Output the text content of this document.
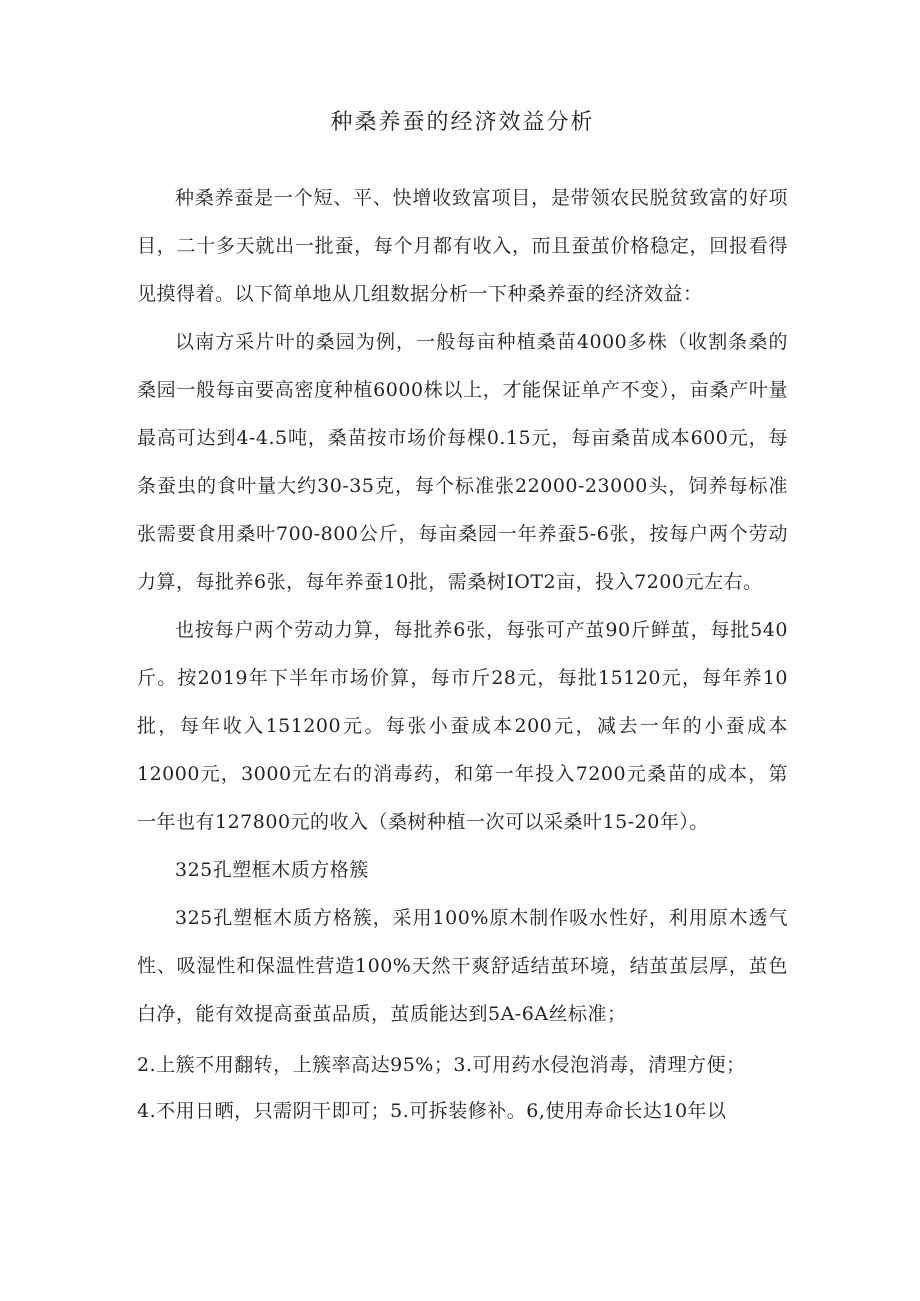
种桑养蚕的经济效益分析

种桑养蚕是一个短、平、快增收致富项目，是带领农民脱贫致富的好项目，二十多天就出一批蚕，每个月都有收入，而且蚕茧价格稳定，回报看得见摸得着。以下简单地从几组数据分析一下种桑养蚕的经济效益：

以南方采片叶的桑园为例，一般每亩种植桑苗4000多株（收割条桑的桑园一般每亩要高密度种植6000株以上，才能保证单产不变），亩桑产叶量最高可达到4-4.5吨，桑苗按市场价每棵0.15元，每亩桑苗成本600元，每条蚕虫的食叶量大约30-35克，每个标准张22000-23000头，饲养每标准张需要食用桑叶700-800公斤，每亩桑园一年养蚕5-6张，按每户两个劳动力算，每批养6张，每年养蚕10批，需桑树IOT2亩，投入7200元左右。

也按每户两个劳动力算，每批养6张，每张可产茧90斤鲜茧，每批540斤。按2019年下半年市场价算，每市斤28元，每批15120元，每年养10批，每年收入151200元。每张小蚕成本200元，减去一年的小蚕成本12000元，3000元左右的消毒药，和第一年投入7200元桑苗的成本，第一年也有127800元的收入（桑树种植一次可以采桑叶15-20年）。

325孔塑框木质方格簇

325孔塑框木质方格簇，采用100%原木制作吸水性好，利用原木透气性、吸湿性和保温性营造100%天然干爽舒适结茧环境，结茧茧层厚，茧色白净，能有效提高蚕茧品质，茧质能达到5A-6A丝标准；

2.上簇不用翻转，上簇率高达95%；3.可用药水侵泡消毒，清理方便；

4.不用日晒，只需阴干即可；5.可拆装修补。6,使用寿命长达10年以
